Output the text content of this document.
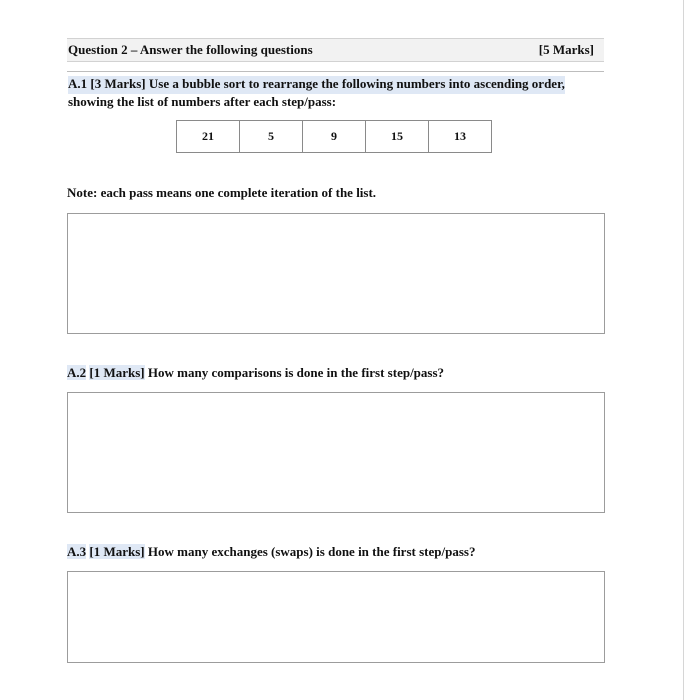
Question 2 – Answer the following questions	[5 Marks]
A.1 [3 Marks] Use a bubble sort to rearrange the following numbers into ascending order,
showing the list of numbers after each step/pass:
21	5	9	15	13
Note: each pass means one complete iteration of the list.
A.2 [1 Marks] How many comparisons is done in the first step/pass?
A.3 [1 Marks] How many exchanges (swaps) is done in the first step/pass?
